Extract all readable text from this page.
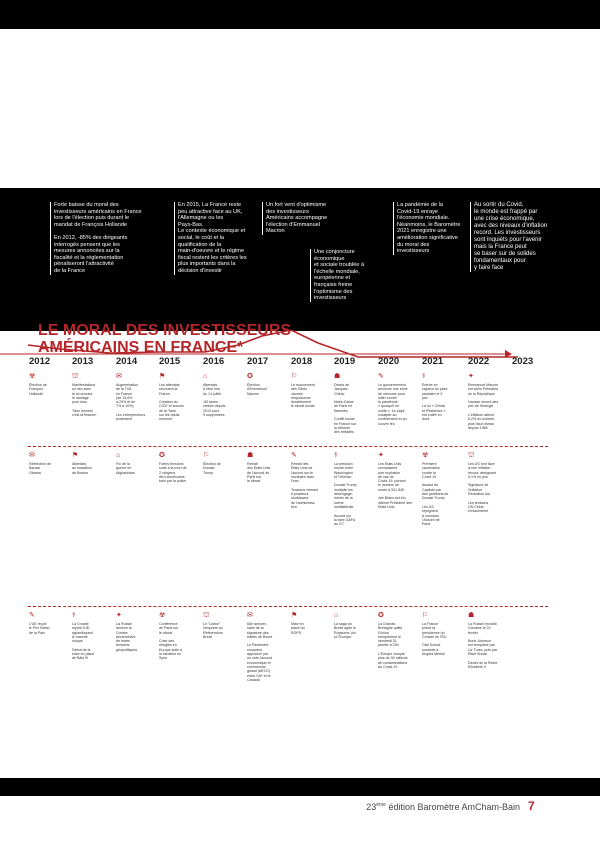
Forte baisse du moral des
investisseurs américains en France
lors de l'élection puis durant le
mandat de François Hollande

En 2012, -85% des dirigeants
interrogés pensent que les
mesures annoncées sur la
fiscalité et la réglementation
pénaliseront l'attractivité
de la France
En 2015, La France reste
peu attractive face au UK,
l'Allemagne ou les
Pays-Bas.
Le contexte économique et
social, le coût et la
qualification de la
main-d'oeuvre et le régime
fiscal restent les critères les
plus importants dans la
décision d'investir
Un fort vent d'optimisme
des investisseurs
Américains accompagne
l'élection d'Emmanuel
Macron
Une conjoncture
économique
et sociale troublée à
l'échelle mondiale,
européenne et
française freine
l'optimisme des
investisseurs
La pandémie de la
Covid-19 enraye
l'économie mondiale.
Néanmoins, le Baromètre
2021 enregistre une
amélioration significative
du moral des
investisseurs
Au sortir du Covid,
le monde est frappé par
une crise économique,
avec des niveaux d'inflation
record. Les investisseurs
sont inquiets pour l'avenir
mais la France peut
se baser sur de solides
fondamentaux pour
y faire face
LE MORAL DES INVESTISSEURS
AMÉRICAINS EN FRANCE*
2012 2013 2014 2015 2016 2017 2018 2019 2020 2021	2022 2023
☢
Élection de
François
Hollande
⛫
Manifestations
en lien avec
la loi ouvrant
le mariage
pour tous

"Mon ennemi
c'est la finance"
✉
Augmentation
de la TVA
en France
(de 19,6%
à 20% et de
7% à 10%)

Les entrepreneurs
protestent
⚑
Les attentats
secouent la
France

Création du
CICE et succès
de la "taxe
sur les hauts
revenus"
⌂
Attentats
à Nice lors
du 14 juillet

-50 taxes
créées depuis
2010 pour
9 supprimées
✪
Élection
d'Emmanuel
Macron
⚐
Le mouvement
des Gilets
Jaunes
empoisonne
durablement
le climat social
☗
Décès de
Jacques
Chirac

Notre-Dame
de Paris en
flammes

Conflit social
en France sur
la réforme
des retraites
✎
Le gouvernement
annonce une série
de mesures pour
lutter contre
la pandémie
« quoiqu'il en
coûte ». Le pays
s'adapte au
confinement et au
couvre feu
⚕
Entrée en
vigueur du pass
sanitaire le 9
juin

La loi « Climat
et Résilience »
est votée en
Août
✦
Emmanuel Macron
est réélu Président
de la République

Hausse record des
prix de l'énergie

L'inflation atteint
6,2% en octobre,
plus haut niveau
depuis 1985
✉
Réélection de
Barack
Obama
⚑
Attentats
au marathon
de Boston
⌂
Fin de la
guerre en
Afghanistan
✪
Fortes tensions
suite à la mort de
2 citoyens
Afro-Américains
tués par la police
⚐
Élection de
Donald
Trump
☗
Retrait
des Etats Unis
de l'accord de
Paris sur
le climat
✎
Retrait des
Etats Unis de
l'accord sur le
nucléaire avec
l'Iran

Tensions menant
à plusieurs
shutdowns
de l'administra-
tion
⚕
La pression
monte entre
Washington
et Téhéran

Donald Trump
multiplie les
désengage-
ments de la
scène
multilatérale

Accord sur
la taxe GAFA
au G7
✦
Les Etats Unis
connaissent
une explosion
de cas de
Covid-19, portant
le nombre de
morts à 341 845

Joe Biden est élu
46ème Président des
Etats Unis
☢
Première
vaccination
contre la
Covid 19

Assaut du
Capitole par
des partisans de
Donald Trump

Les US
rejoignent
à nouveau
l'Accord de
Paris
⛫
Les US font face
à une inflation
record, atteignant
9,1% en juin

Signature de
l'Inflation
Reduction Act

Les tensions
US-Chine
s'exacerbent
✎
L'UE reçoit
le Prix Nobel
de la Paix
⚕
La Croatie
rejoint l'UE,
agrandissant
le marché
unique

Début de la
mise en place
de Bâle III
✦
La Russie
annexe la
Crimée
déclenchant
de fortes
tensions
géopolitiques
☢
Conférence
de Paris sur
le climat

Crise des
réfugiés en
Europe suite à
la situation en
Syrie
⛫
Le "Leave"
l'emporte au
Référendum
Brexit
✉
60e anniver-
saire de la
signature des
traités de Rome

Le Parlement
européen
approuve par
un vote l'accord
économique et
commercial
global (AECG)
entre l'UE et le
Canada
⚑
Mise en
place du
RGPD
⌂
La saga du
Brexit agite le
Royaume-Uni
et l'Europe.
✪
La Grande-
Bretagne quitte
l'Union
européenne le
vendredi 31
janvier à 23h

L'Europe compte
plus de 30 millions
de contaminations
au Covid-19
⚐
La France
prend la
présidence du
Conseil de l'EU

Olaf Scholz
succède à
Angela Merkel
☗
La Russie envahit
l'Ukraine le 24
février

Boris Johnson
est remplacé par
Liz Truss, puis par
Rishi Sunak

Décès de la Reine
Elizabeth II
23ème édition Baromètre AmCham-Bain 7
